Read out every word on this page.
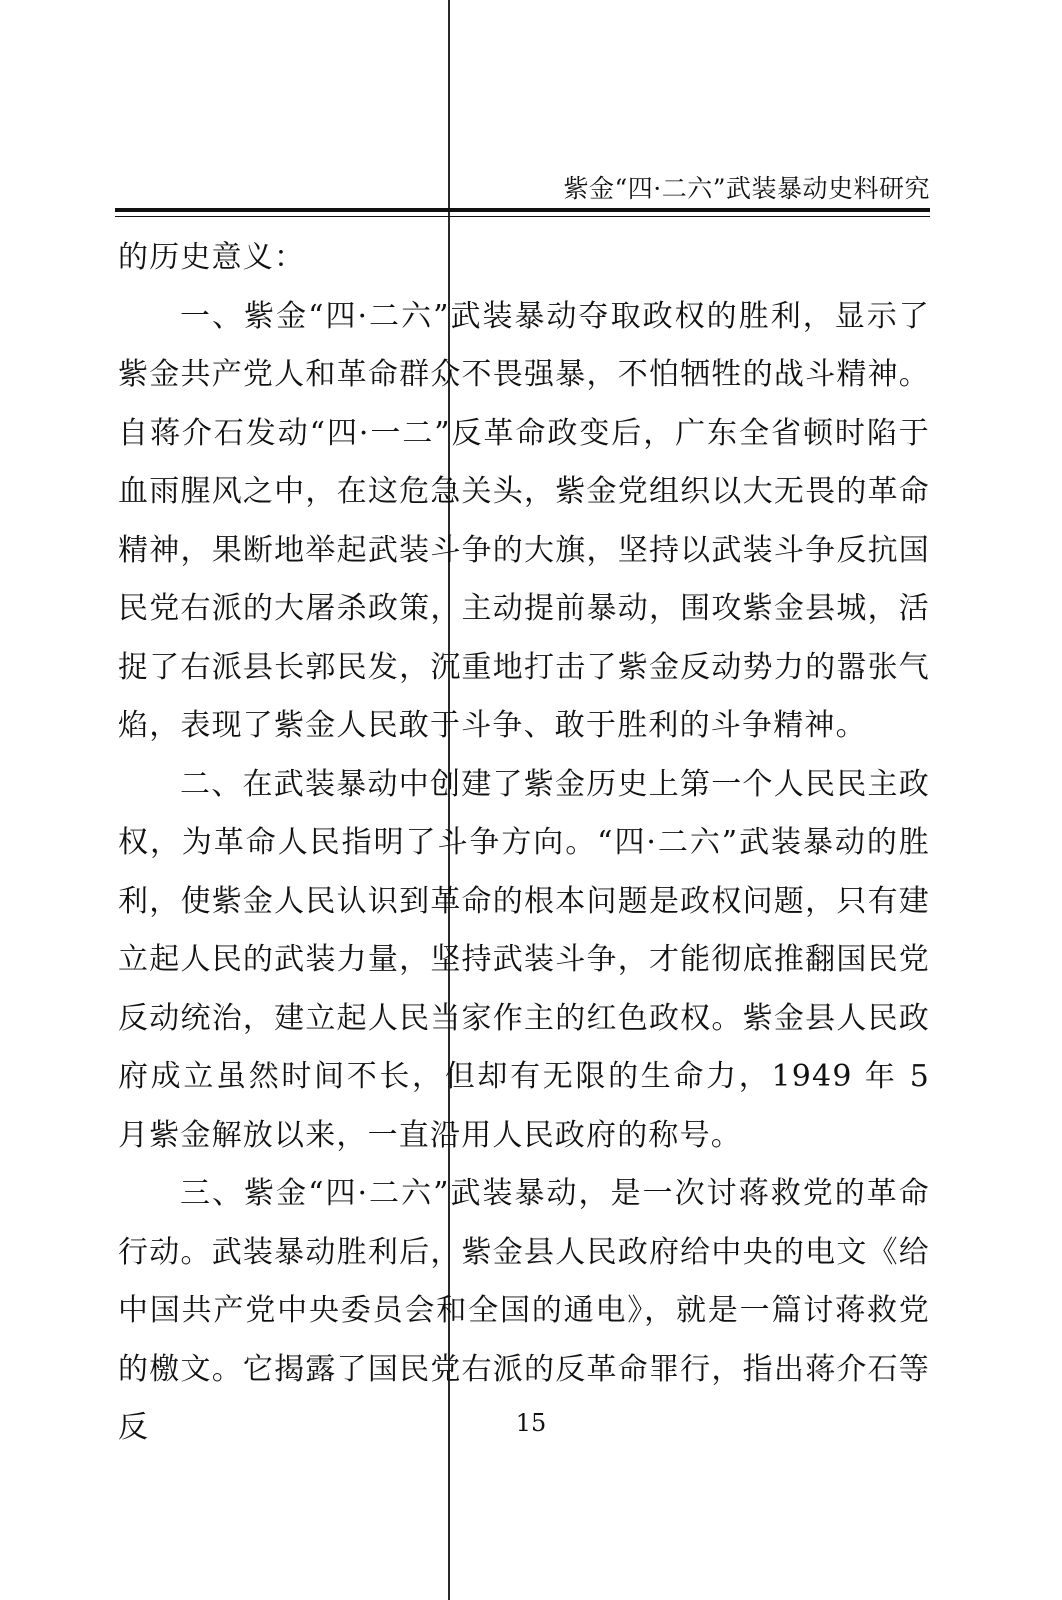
紫金“四·二六”武装暴动史料研究

的历史意义：

一、紫金“四·二六”武装暴动夺取政权的胜利，显示了紫金共产党人和革命群众不畏强暴，不怕牺牲的战斗精神。自蒋介石发动“四·一二”反革命政变后，广东全省顿时陷于血雨腥风之中，在这危急关头，紫金党组织以大无畏的革命精神，果断地举起武装斗争的大旗，坚持以武装斗争反抗国民党右派的大屠杀政策，主动提前暴动，围攻紫金县城，活捉了右派县长郭民发，沉重地打击了紫金反动势力的嚣张气焰，表现了紫金人民敢于斗争、敢于胜利的斗争精神。

二、在武装暴动中创建了紫金历史上第一个人民民主政权，为革命人民指明了斗争方向。“四·二六”武装暴动的胜利，使紫金人民认识到革命的根本问题是政权问题，只有建立起人民的武装力量，坚持武装斗争，才能彻底推翻国民党反动统治，建立起人民当家作主的红色政权。紫金县人民政府成立虽然时间不长，但却有无限的生命力，1949 年 5 月紫金解放以来，一直沿用人民政府的称号。

三、紫金“四·二六”武装暴动，是一次讨蒋救党的革命行动。武装暴动胜利后，紫金县人民政府给中央的电文《给中国共产党中央委员会和全国的通电》，就是一篇讨蒋救党的檄文。它揭露了国民党右派的反革命罪行，指出蒋介石等反	15
